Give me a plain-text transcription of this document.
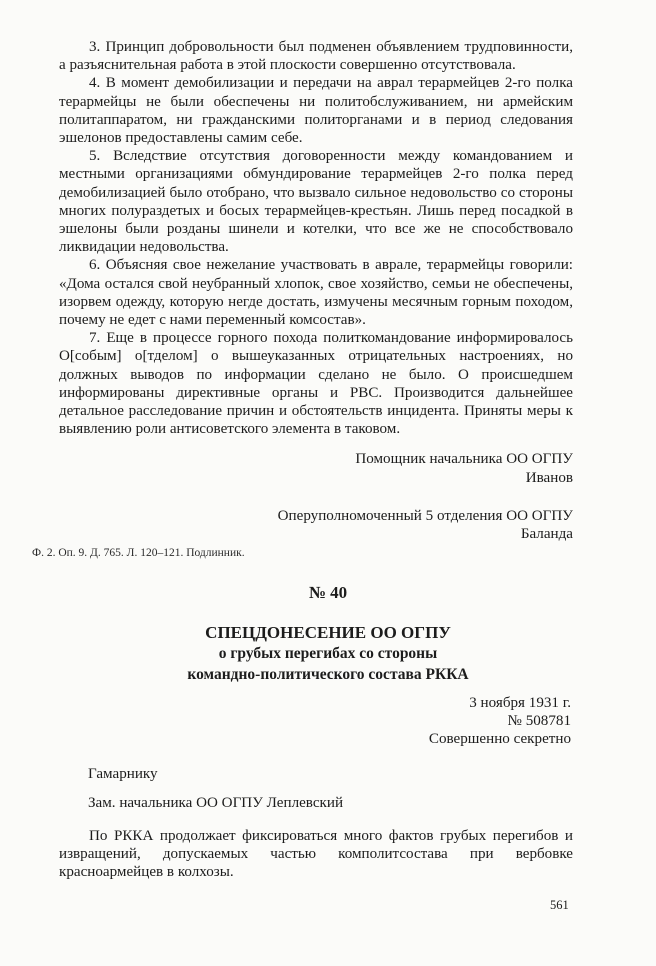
3. Принцип добровольности был подменен объявлением трудповинности, а разъяснительная работа в этой плоскости совершенно отсутствовала.

4. В момент демобилизации и передачи на аврал терармейцев 2-го полка терармейцы не были обеспечены ни политобслуживанием, ни армейским политаппаратом, ни гражданскими политорганами и в период следования эшелонов предоставлены самим себе.

5. Вследствие отсутствия договоренности между командованием и местными организациями обмундирование терармейцев 2-го полка перед демобилизацией было отобрано, что вызвало сильное недовольство со стороны многих полураздетых и босых терармейцев-крестьян. Лишь перед посадкой в эшелоны были розданы шинели и котелки, что все же не способствовало ликвидации недовольства.

6. Объясняя свое нежелание участвовать в аврале, терармейцы говорили: «Дома остался свой неубранный хлопок, свое хозяйство, семьи не обеспечены, изорвем одежду, которую негде достать, измучены месячным горным походом, почему не едет с нами переменный комсостав».

7. Еще в процессе горного похода политкомандование информировалось О[собым] о[тделом] о вышеуказанных отрицательных настроениях, но должных выводов по информации сделано не было. О происшедшем информированы директивные органы и РВС. Производится дальнейшее детальное расследование причин и обстоятельств инцидента. Приняты меры к выявлению роли антисоветского элемента в таковом.

Помощник начальника ОО ОГПУ

Иванов

Оперуполномоченный 5 отделения ОО ОГПУ

Баланда

Ф. 2. Оп. 9. Д. 765. Л. 120–121. Подлинник.
№ 40
СПЕЦДОНЕСЕНИЕ ОО ОГПУ
о грубых перегибах со стороны
командно-политического состава РККА
3 ноября 1931 г.
№ 508781
Совершенно секретно
Гамарнику
Зам. начальника ОО ОГПУ Леплевский

По РККА продолжает фиксироваться много фактов грубых перегибов и извращений, допускаемых частью комполитсостава при вербовке красноармейцев в колхозы.

561
